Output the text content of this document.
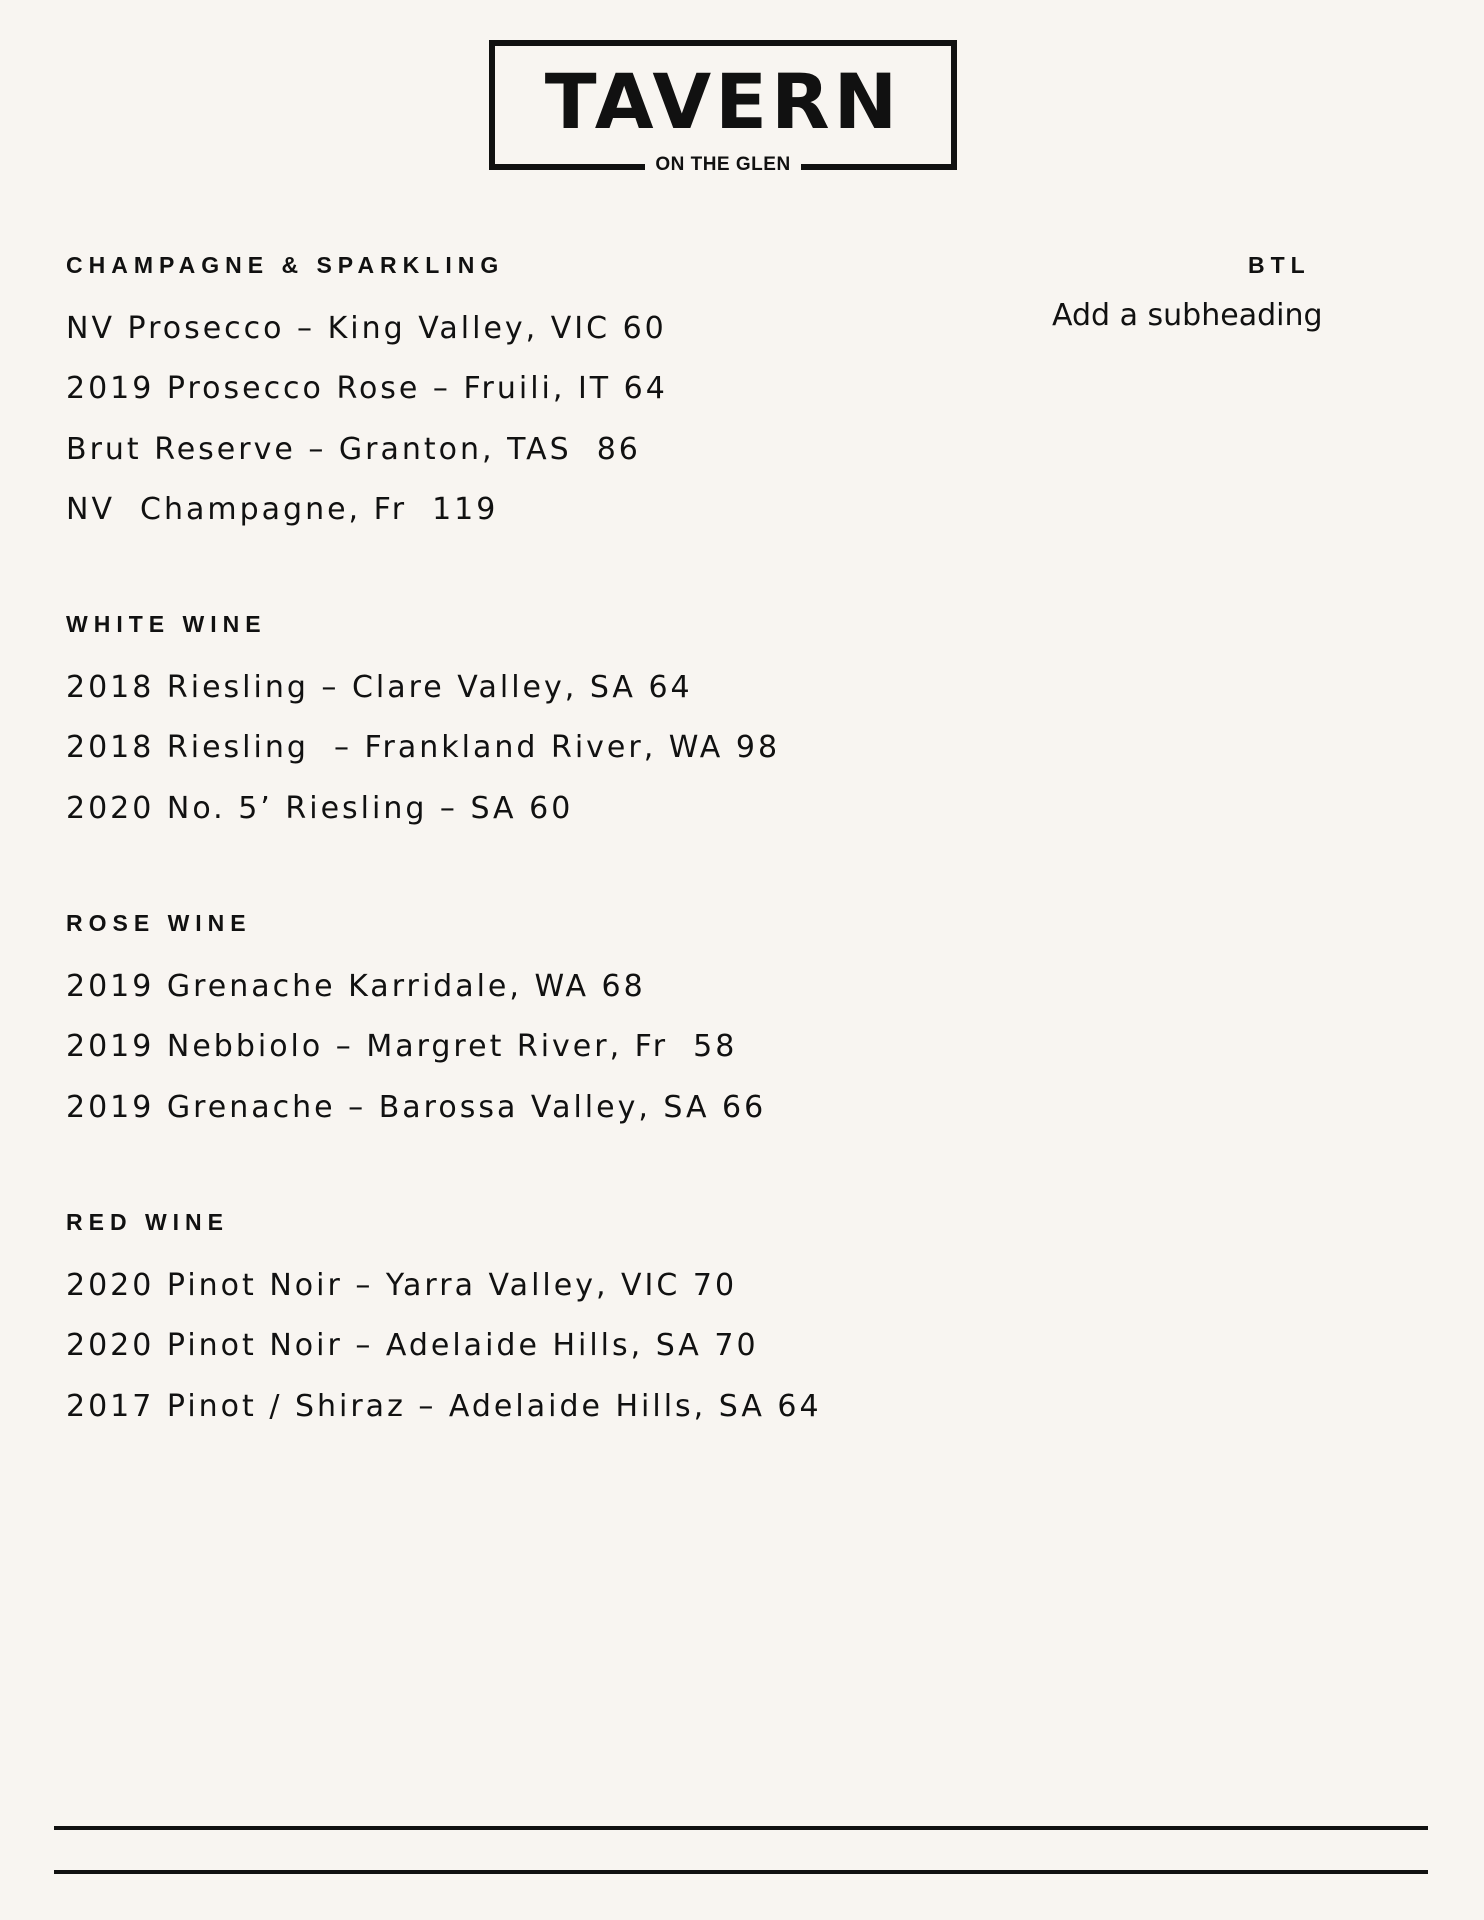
TAVERN
ON THE GLEN
BTL
Add a subheading
CHAMPAGNE & SPARKLING
NV Prosecco – King Valley, VIC 60
2019 Prosecco Rose – Fruili, IT 64
Brut Reserve – Granton, TAS  86
NV  Champagne, Fr  119
WHITE WINE
2018 Riesling – Clare Valley, SA 64
2018 Riesling  – Frankland River, WA 98
2020 No. 5’ Riesling – SA 60
ROSE WINE
2019 Grenache Karridale, WA 68
2019 Nebbiolo – Margret River, Fr  58
2019 Grenache – Barossa Valley, SA 66
RED WINE
2020 Pinot Noir – Yarra Valley, VIC 70
2020 Pinot Noir – Adelaide Hills, SA 70
2017 Pinot / Shiraz – Adelaide Hills, SA 64
